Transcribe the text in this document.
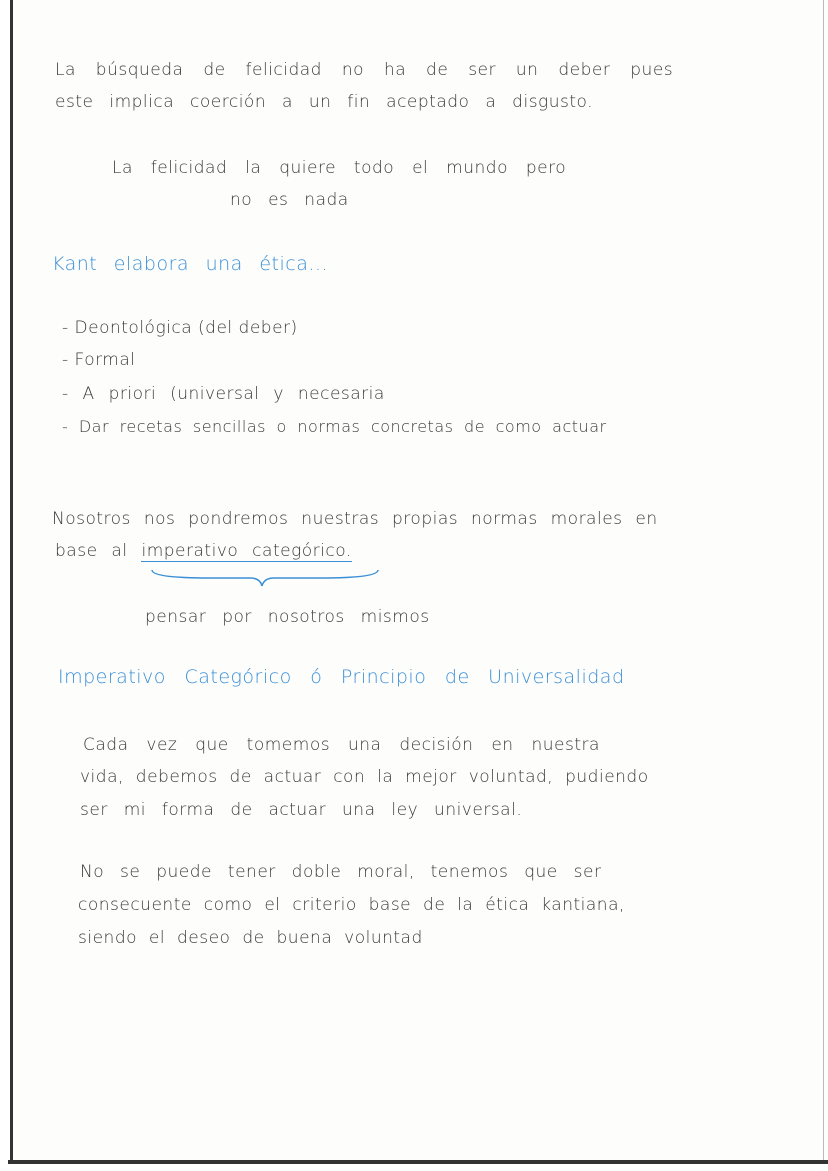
La búsqueda de felicidad no ha de ser un deber pues
este implica coerción a un fin aceptado a disgusto.
La felicidad la quiere todo el mundo pero
no es nada
Kant elabora una ética...
- Deontológica (del deber)
- Formal
- A priori (universal y necesaria
- Dar recetas sencillas o normas concretas de como actuar
Nosotros nos pondremos nuestras propias normas morales en
base al imperativo categórico.
pensar por nosotros mismos
Imperativo Categórico ó Principio de Universalidad
Cada vez que tomemos una decisión en nuestra
vida, debemos de actuar con la mejor voluntad, pudiendo
ser mi forma de actuar una ley universal.
No se puede tener doble moral, tenemos que ser
consecuente como el criterio base de la ética kantiana,
siendo el deseo de buena voluntad
